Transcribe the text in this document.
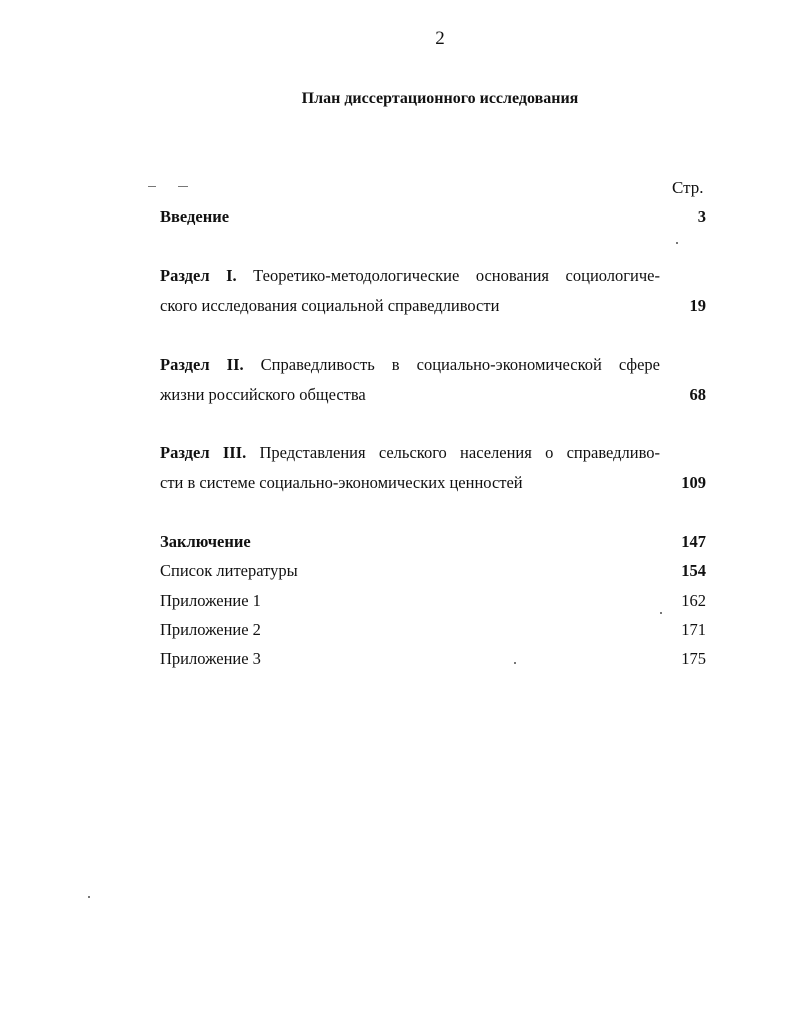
2
План диссертационного исследования
Стр.
Введение	3
Раздел I. Теоретико-методологические основания социологиче-
ского исследования социальной справедливости	19
Раздел II. Справедливость в социально-экономической сфере
жизни российского общества	68
Раздел III. Представления сельского населения о справедливо-
сти в системе социально-экономических ценностей	109
Заключение	147
Список литературы	154
Приложение 1	162
Приложение 2	171
Приложение 3	175
